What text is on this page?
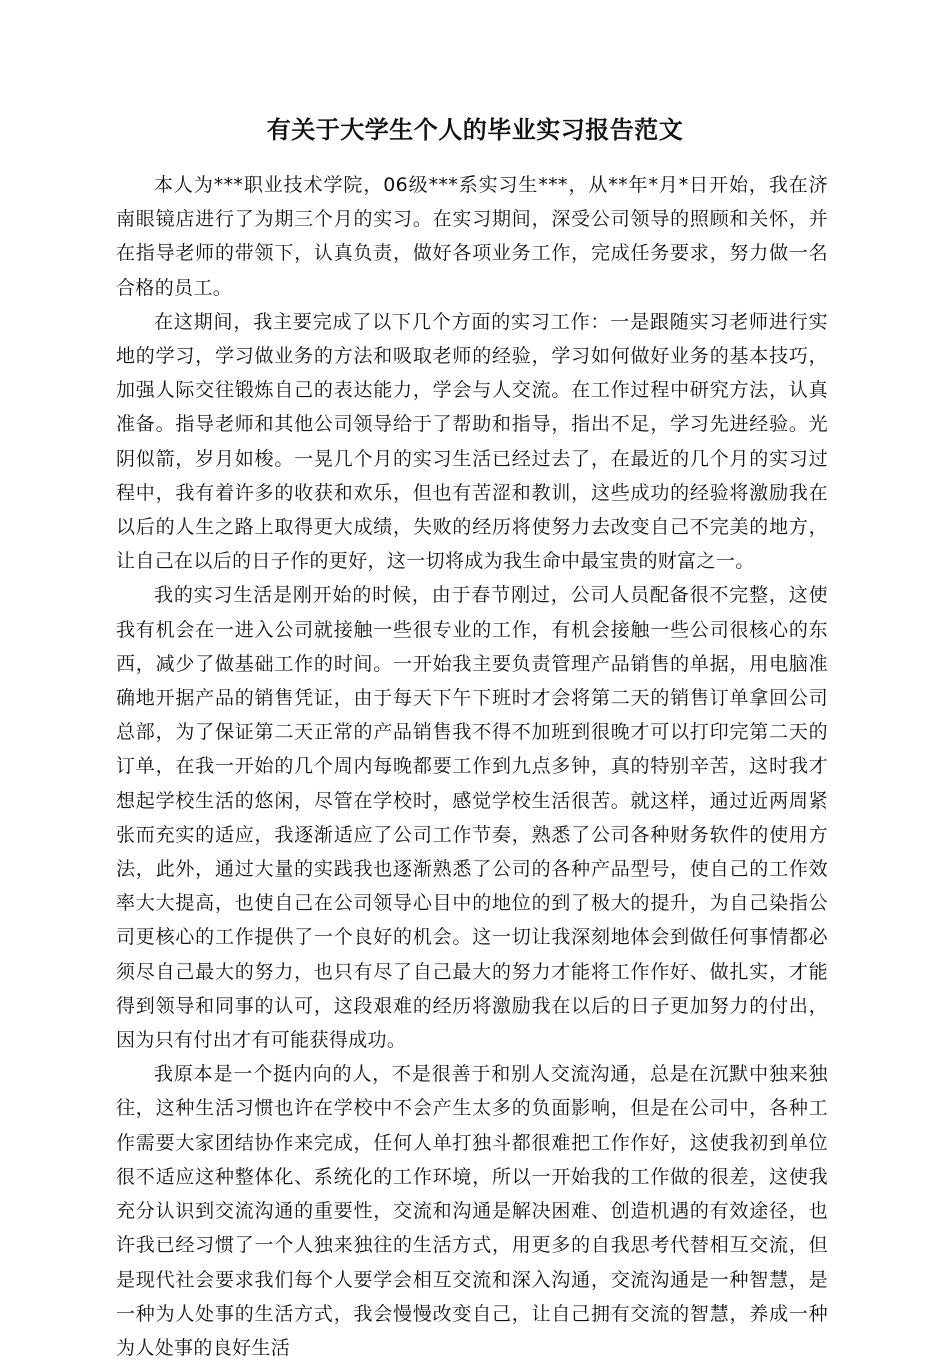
有关于大学生个人的毕业实习报告范文

本人为***职业技术学院，06级***系实习生***，从**年*月*日开始，我在济南眼镜店进行了为期三个月的实习。在实习期间，深受公司领导的照顾和关怀，并在指导老师的带领下，认真负责，做好各项业务工作，完成任务要求，努力做一名合格的员工。

在这期间，我主要完成了以下几个方面的实习工作：一是跟随实习老师进行实地的学习，学习做业务的方法和吸取老师的经验，学习如何做好业务的基本技巧，加强人际交往锻炼自己的表达能力，学会与人交流。在工作过程中研究方法，认真准备。指导老师和其他公司领导给于了帮助和指导，指出不足，学习先进经验。光阴似箭，岁月如梭。一晃几个月的实习生活已经过去了，在最近的几个月的实习过程中，我有着许多的收获和欢乐，但也有苦涩和教训，这些成功的经验将激励我在以后的人生之路上取得更大成绩，失败的经历将使努力去改变自己不完美的地方，让自己在以后的日子作的更好，这一切将成为我生命中最宝贵的财富之一。

我的实习生活是刚开始的时候，由于春节刚过，公司人员配备很不完整，这使我有机会在一进入公司就接触一些很专业的工作，有机会接触一些公司很核心的东西，减少了做基础工作的时间。一开始我主要负责管理产品销售的单据，用电脑准确地开据产品的销售凭证，由于每天下午下班时才会将第二天的销售订单拿回公司总部，为了保证第二天正常的产品销售我不得不加班到很晚才可以打印完第二天的订单，在我一开始的几个周内每晚都要工作到九点多钟，真的特别辛苦，这时我才想起学校生活的悠闲，尽管在学校时，感觉学校生活很苦。就这样，通过近两周紧张而充实的适应，我逐渐适应了公司工作节奏，熟悉了公司各种财务软件的使用方法，此外，通过大量的实践我也逐渐熟悉了公司的各种产品型号，使自己的工作效率大大提高，也使自己在公司领导心目中的地位的到了极大的提升，为自己染指公司更核心的工作提供了一个良好的机会。这一切让我深刻地体会到做任何事情都必须尽自己最大的努力，也只有尽了自己最大的努力才能将工作作好、做扎实，才能得到领导和同事的认可，这段艰难的经历将激励我在以后的日子更加努力的付出，因为只有付出才有可能获得成功。

我原本是一个挺内向的人，不是很善于和别人交流沟通，总是在沉默中独来独往，这种生活习惯也许在学校中不会产生太多的负面影响，但是在公司中，各种工作需要大家团结协作来完成，任何人单打独斗都很难把工作作好，这使我初到单位很不适应这种整体化、系统化的工作环境，所以一开始我的工作做的很差，这使我充分认识到交流沟通的重要性，交流和沟通是解决困难、创造机遇的有效途径，也许我已经习惯了一个人独来独往的生活方式，用更多的自我思考代替相互交流，但是现代社会要求我们每个人要学会相互交流和深入沟通，交流沟通是一种智慧，是一种为人处事的生活方式，我会慢慢改变自己，让自己拥有交流的智慧，养成一种为人处事的良好生活
